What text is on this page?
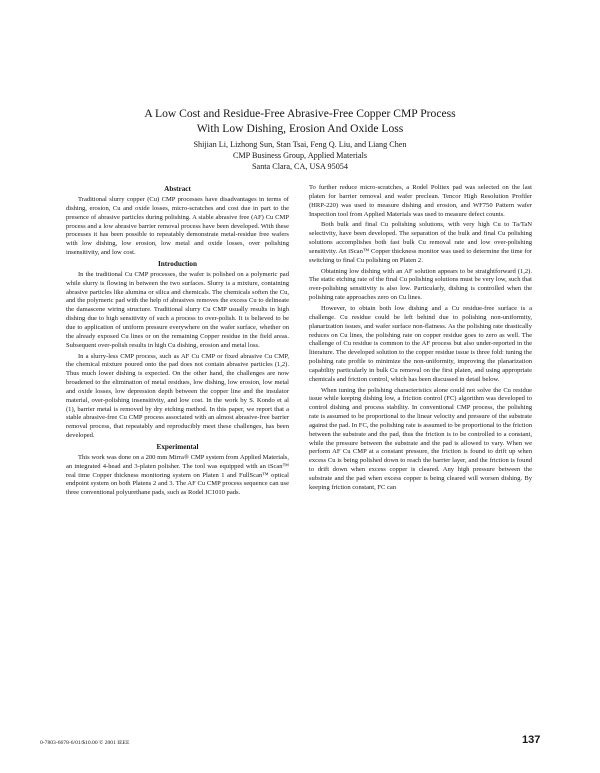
A Low Cost and Residue-Free Abrasive-Free Copper CMP Process
With Low Dishing, Erosion And Oxide Loss
Shijian Li, Lizhong Sun, Stan Tsai, Feng Q. Liu, and Liang Chen
CMP Business Group, Applied Materials
Santa Clara, CA, USA 95054
Abstract

Traditional slurry copper (Cu) CMP processes have disadvantages in terms of dishing, erosion, Cu and oxide losses, micro-scratches and cost due in part to the presence of abrasive particles during polishing. A stable abrasive free (AF) Cu CMP process and a low abrasive barrier removal process have been developed. With these processes it has been possible to repeatably demonstrate metal-residue free wafers with low dishing, low erosion, low metal and oxide losses, over polishing insensitivity, and low cost.

Introduction

In the traditional Cu CMP processes, the wafer is polished on a polymeric pad while slurry is flowing in between the two surfaces. Slurry is a mixture, containing abrasive particles like alumina or silica and chemicals. The chemicals soften the Cu, and the polymeric pad with the help of abrasives removes the excess Cu to delineate the damascene wiring structure. Traditional slurry Cu CMP usually results in high dishing due to high sensitivity of such a process to over-polish. It is believed to be due to application of uniform pressure everywhere on the wafer surface, whether on the already exposed Cu lines or on the remaining Copper residue in the field areas. Subsequent over-polish results in high Cu dishing, erosion and metal loss.

In a slurry-less CMP process, such as AF Cu CMP or fixed abrasive Cu CMP, the chemical mixture poured onto the pad does not contain abrasive particles (1,2). Thus much lower dishing is expected. On the other hand, the challenges are now broadened to the elimination of metal residues, low dishing, low erosion, low metal and oxide losses, low depression depth between the copper line and the insulator material, over-polishing insensitivity, and low cost. In the work by S. Kondo et al (1), barrier metal is removed by dry etching method. In this paper, we report that a stable abrasive-free Cu CMP process associated with an almost abrasive-free barrier removal process, that repeatably and reproducibly meet these challenges, has been developed.

Experimental

This work was done on a 200 mm Mirra® CMP system from Applied Materials, an integrated 4-head and 3-platen polisher. The tool was equipped with an iScan™ real time Copper thickness monitoring system on Platen 1 and FullScan™ optical endpoint system on both Platens 2 and 3. The AF Cu CMP process sequence can use three conventional polyurethane pads, such as Rodel IC1010 pads.

To further reduce micro-scratches, a Rodel Politex pad was selected on the last platen for barrier removal and wafer preclean. Tencor High Resolution Profiler (HRP-220) was used to measure dishing and erosion, and WF750 Pattern wafer Inspection tool from Applied Materials was used to measure defect counts.

Both bulk and final Cu polishing solutions, with very high Cu to Ta/TaN selectivity, have been developed. The separation of the bulk and final Cu polishing solutions accomplishes both fast bulk Cu removal rate and low over-polishing sensitivity. An iScan™ Copper thickness monitor was used to determine the time for switching to final Cu polishing on Platen 2.

Obtaining low dishing with an AF solution appears to be straightforward (1,2). The static etching rate of the final Cu polishing solutions must be very low, such that over-polishing sensitivity is also low. Particularly, dishing is controlled when the polishing rate approaches zero on Cu lines.

However, to obtain both low dishing and a Cu residue-free surface is a challenge. Cu residue could be left behind due to polishing non-uniformity, planarization issues, and wafer surface non-flatness. As the polishing rate drastically reduces on Cu lines, the polishing rate on copper residue goes to zero as well. The challenge of Cu residue is common to the AF process but also under-reported in the literature. The developed solution to the copper residue issue is three fold: tuning the polishing rate profile to minimize the non-uniformity, improving the planarization capability particularly in bulk Cu removal on the first platen, and using appropriate chemicals and friction control, which has been discussed in detail below.

When tuning the polishing characteristics alone could not solve the Cu residue issue while keeping dishing low, a friction control (FC) algorithm was developed to control dishing and process stability. In conventional CMP process, the polishing rate is assumed to be proportional to the linear velocity and pressure of the substrate against the pad. In FC, the polishing rate is assumed to be proportional to the friction between the substrate and the pad, thus the friction is to be controlled to a constant, while the pressure between the substrate and the pad is allowed to vary. When we perform AF Cu CMP at a constant pressure, the friction is found to drift up when excess Cu is being polished down to reach the barrier layer, and the friction is found to drift down when excess copper is cleared. Any high pressure between the substrate and the pad when excess copper is being cleared will worsen dishing. By keeping friction constant, FC can

0-7803-6678-6/01/$10.00 © 2001 IEEE	137
